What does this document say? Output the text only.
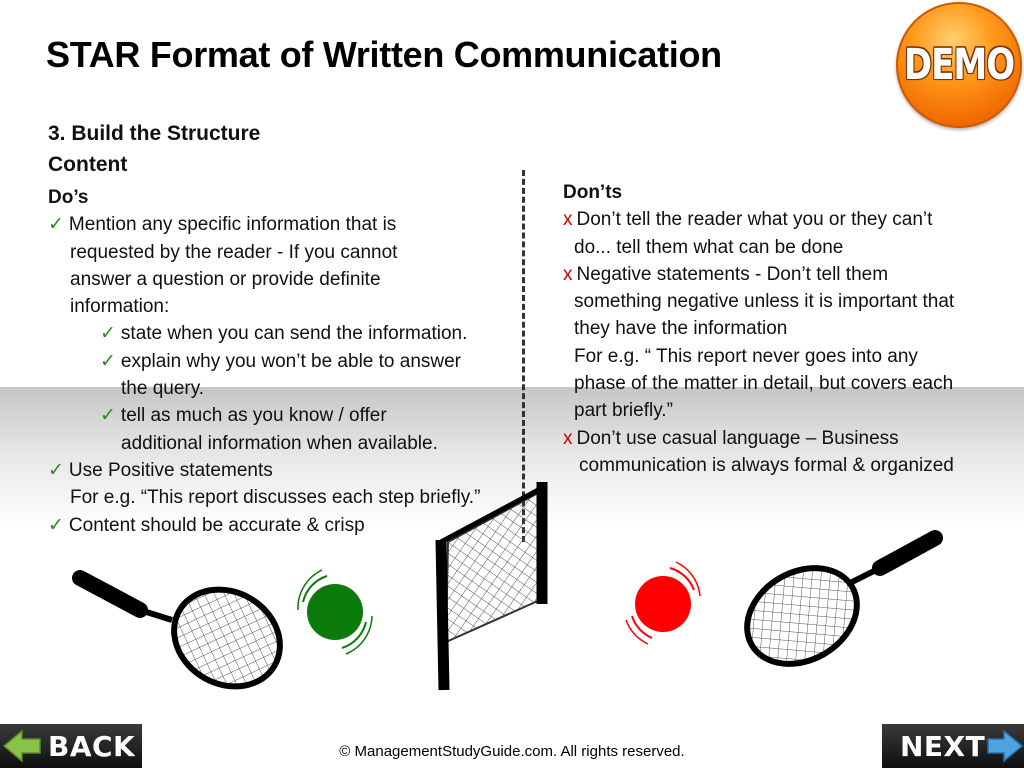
STAR Format of Written Communication	DEMO
3. Build the Structure
Content
Do’s
✓ Mention any specific information that is
requested by the reader - If you cannot
answer a question or provide definite
information:
✓ state when you can send the information.
✓ explain why you won’t be able to answer
the query.
✓ tell as much as you know / offer
additional information when available.
✓ Use Positive statements
For e.g. “This report discusses each step briefly.”
✓ Content should be accurate & crisp
Don’ts
x Don’t tell the reader what you or they can’t
do... tell them what can be done
x Negative statements - Don’t tell them
something negative unless it is important that
they have the information
For e.g. “ This report never goes into any
phase of the matter in detail, but covers each
part briefly.”
x Don’t use casual language – Business
communication is always formal & organized
BACK	© ManagementStudyGuide.com. All rights reserved.	NEXT
